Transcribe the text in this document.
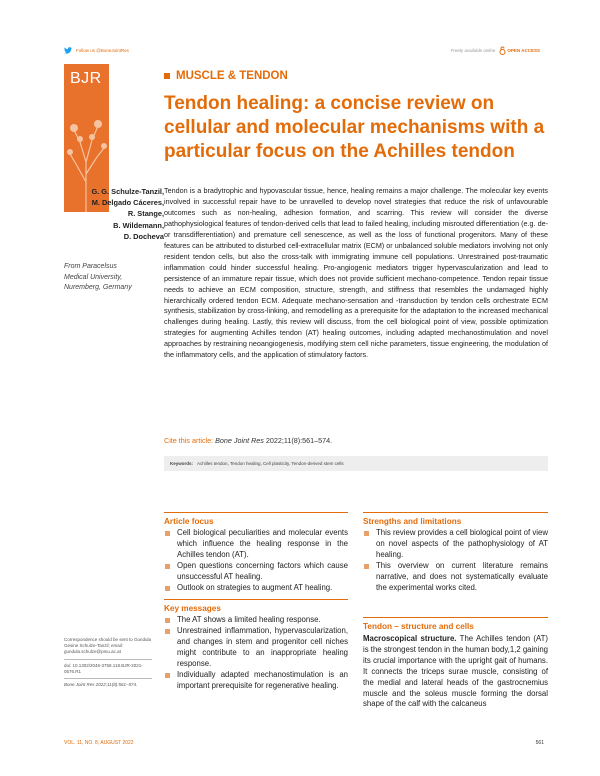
Follow us @BoneJointRes	Freely available online	OPEN ACCESS
BJR	MUSCLE & TENDON
Tendon healing: a concise review on cellular and molecular mechanisms with a particular focus on the Achilles tendon
G. G. Schulze-Tanzil,
M. Delgado Cáceres,
R. Stange,
B. Wildemann,
D. Docheva
From Paracelsus
Medical University,
Nuremberg, Germany
Tendon is a bradytrophic and hypovascular tissue, hence, healing remains a major challenge. The molecular key events involved in successful repair have to be unravelled to develop novel strategies that reduce the risk of unfavourable outcomes such as non-healing, adhesion formation, and scarring. This review will consider the diverse pathophysiological features of tendon-derived cells that lead to failed healing, including misrouted differentiation (e.g. de- or transdifferentiation) and premature cell senescence, as well as the loss of functional progenitors. Many of these features can be attributed to disturbed cell-extracellular matrix (ECM) or unbalanced soluble mediators involving not only resident tendon cells, but also the cross-talk with immigrating immune cell populations. Unrestrained post-traumatic inflammation could hinder successful healing. Pro-angiogenic mediators trigger hypervascularization and lead to persistence of an immature repair tissue, which does not provide sufficient mechano-competence. Tendon repair tissue needs to achieve an ECM composition, structure, strength, and stiffness that resembles the undamaged highly hierarchically ordered tendon ECM. Adequate mechano-sensation and -transduction by tendon cells orchestrate ECM synthesis, stabilization by cross-linking, and remodelling as a prerequisite for the adaptation to the increased mechanical challenges during healing. Lastly, this review will discuss, from the cell biological point of view, possible optimization strategies for augmenting Achilles tendon (AT) healing outcomes, including adapted mechanostimulation and novel approaches by restraining neoangiogenesis, modifying stem cell niche parameters, tissue engineering, the modulation of the inflammatory cells, and the application of stimulatory factors.
Cite this article: Bone Joint Res 2022;11(8):561–574.
Keywords: Achilles tendon, Tendon healing, Cell plasticity, Tendon-derived stem cells
Article focus
Cell biological peculiarities and molecular events which influence the healing response in the Achilles tendon (AT).
Open questions concerning factors which cause unsuccessful AT healing.
Outlook on strategies to augment AT healing.
Key messages
The AT shows a limited healing response.
Unrestrained inflammation, hypervascularization, and changes in stem and progenitor cell niches might contribute to an inappropriate healing response.
Individually adapted mechanostimulation is an important prerequisite for regenerative healing.
Strengths and limitations
This review provides a cell biological point of view on novel aspects of the pathophysiology of AT healing.
This overview on current literature remains narrative, and does not systematically evaluate the experimental works cited.
Tendon – structure and cells
Macroscopical structure. The Achilles tendon (AT) is the strongest tendon in the human body,1,2 gaining its crucial importance with the upright gait of humans. It connects the triceps surae muscle, consisting of the medial and lateral heads of the gastrocnemius muscle and the soleus muscle forming the dorsal shape of the calf with the calcaneus
Correspondence should be sent to Gundula Gesine Schulze-Tanzil; email: gundula.schulze@pmu.ac.at
doi: 10.1302/2046-3758.118.BJR-2021-0576.R1
Bone Joint Res 2022;11(8):561–574.
VOL. 11, NO. 8, AUGUST 2022	561
